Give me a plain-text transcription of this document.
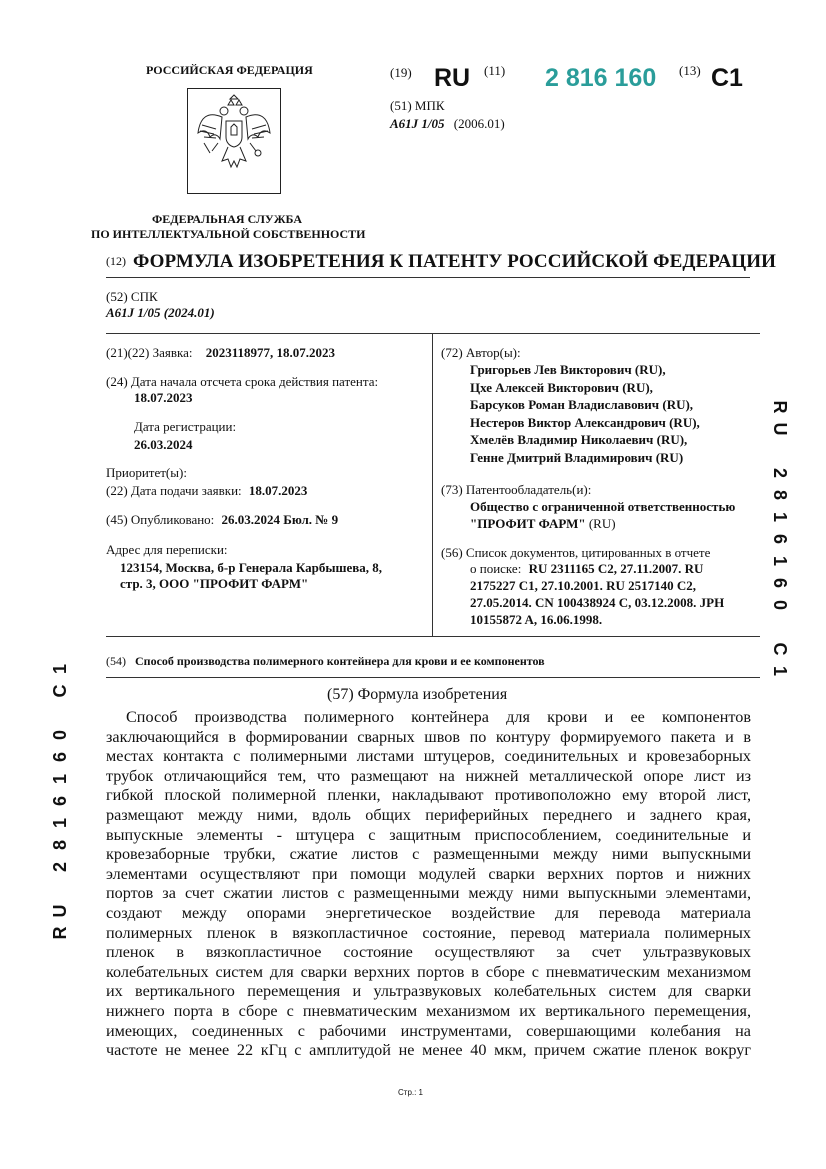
РОССИЙСКАЯ ФЕДЕРАЦИЯ
ФЕДЕРАЛЬНАЯ СЛУЖБА
ПО ИНТЕЛЛЕКТУАЛЬНОЙ СОБСТВЕННОСТИ
(19) RU (11) 2 816 160 (13) C1
(51) МПК
A61J 1/05 (2006.01)
(12) ФОРМУЛА ИЗОБРЕТЕНИЯ К ПАТЕНТУ РОССИЙСКОЙ ФЕДЕРАЦИИ
(52) СПК
A61J 1/05 (2024.01)
(21)(22) Заявка: 2023118977, 18.07.2023
(24) Дата начала отсчета срока действия патента:
18.07.2023
Дата регистрации:
26.03.2024
Приоритет(ы):
(22) Дата подачи заявки: 18.07.2023
(45) Опубликовано: 26.03.2024 Бюл. № 9
Адрес для переписки:
123154, Москва, б-р Генерала Карбышева, 8,
стр. 3, ООО "ПРОФИТ ФАРМ"
(72) Автор(ы):
Григорьев Лев Викторович (RU),
Цхе Алексей Викторович (RU),
Барсуков Роман Владиславович (RU),
Нестеров Виктор Александрович (RU),
Хмелёв Владимир Николаевич (RU),
Генне Дмитрий Владимирович (RU)
(73) Патентообладатель(и):
Общество с ограниченной ответственностью
"ПРОФИТ ФАРМ" (RU)
(56) Список документов, цитированных в отчете
о поиске: RU 2311165 C2, 27.11.2007. RU
2175227 C1, 27.10.2001. RU 2517140 C2,
27.05.2014. CN 100438924 C, 03.12.2008. JPH
10155872 A, 16.06.1998.
(54) Способ производства полимерного контейнера для крови и ее компонентов
(57) Формула изобретения
Способ производства полимерного контейнера для крови и ее компонентов
заключающийся в формировании сварных швов по контуру формируемого пакета и в
местах контакта с полимерными листами штуцеров, соединительных и кровезаборных
трубок отличающийся тем, что размещают на нижней металлической опоре лист из
гибкой плоской полимерной пленки, накладывают противоположно ему второй лист,
размещают между ними, вдоль общих периферийных переднего и заднего края,
выпускные элементы - штуцера с защитным приспособлением, соединительные и
кровезаборные трубки, сжатие листов с размещенными между ними выпускными
элементами осуществляют при помощи модулей сварки верхних портов и нижних
портов за счет сжатии листов с размещенными между ними выпускными элементами,
создают между опорами энергетическое воздействие для перевода материала
полимерных пленок в вязкопластичное состояние, перевод материала полимерных
пленок в вязкопластичное состояние осуществляют за счет ультразвуковых
колебательных систем для сварки верхних портов в сборе с пневматическим механизмом
их вертикального перемещения и ультразвуковых колебательных систем для сварки
нижнего порта в сборе с пневматическим механизмом их вертикального перемещения,
имеющих, соединенных с рабочими инструментами, совершающими колебания на
частоте не менее 22 кГц с амплитудой не менее 40 мкм, причем сжатие пленок вокруг
R
U
2
8
1
6
1
6
0
C
1
1
C
0
6
1
6
1
8
2
U
R
Стр.: 1
